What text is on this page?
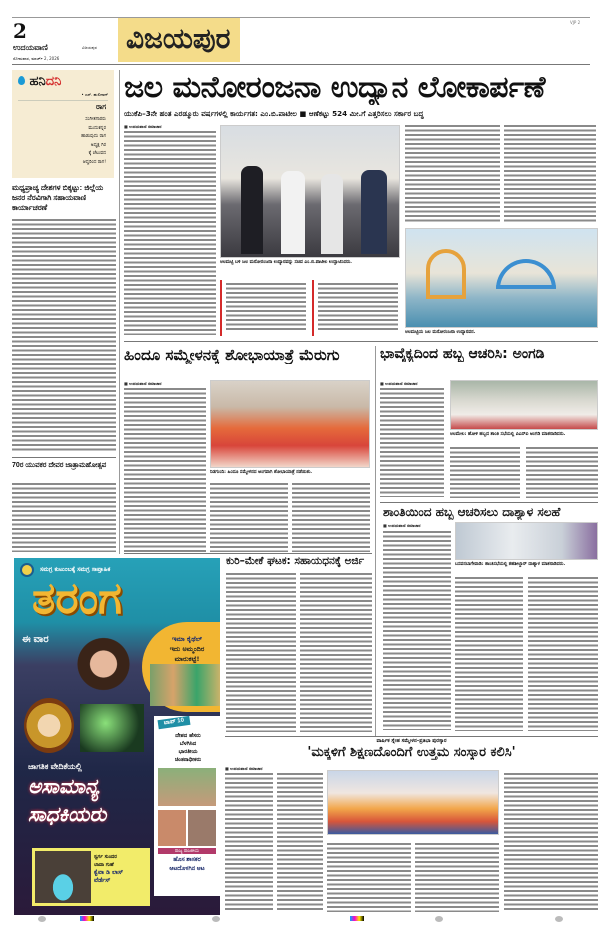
2
ಉದಯವಾಣಿ	ವಿಜಯಪುರ
ಸೋಮವಾರ, ಮಾರ್ಚ್ 2, 2026
VJP 2
ವಿಜಯಪುರ
ಹನಿದನಿ
• ಎಸ್. ಹುಲಿದಾದ್
ರಾಗ
ಸಂಗೀತಗಾರರು
ಮುದುಕನ್ನರ
ಹಾಡುವುದು ರಾಗ
ಅಧ್ಯಕ್ಷ ಗಿರ
ಕ್ಕೆ ಚೆಲುವದ
ಆದ್ದರಿಂದ ರಾಗ!
ಮಧ್ಯಪ್ರಾಚ್ಯ ದೇಶಗಳ ಬಿಕ್ಕಟ್ಟು: ಜಿಲ್ಲೆಯ ಜನರ ನೆರವಿಗಾಗಿ ಸಹಾಯವಾಣಿ ಕಾರ್ಯಾಚರಣೆ
70ರ ಯುವಕರ ದೇವರ ಜಾತ್ರಾಮಹೋತ್ಸವ
ಜಲ ಮನೋರಂಜನಾ ಉದ್ಯಾನ ಲೋಕಾರ್ಪಣೆ
ಯುಕೆಪಿ–3ನೇ ಹಂತ ಎರಡ್ಮೂರು ವರ್ಷಗಳಲ್ಲಿ ಕಾರ್ಯಗತ: ಎಂ.ಬಿ.ಪಾಟೀಲ ■ ಆಣೆಕಟ್ಟು 524 ಮೀ.ಗೆ ಎತ್ತರಿಸಲು ಸರ್ಕಾರ ಬದ್ಧ
■ ಉದಯವಾಣಿ ಸಮಾಚಾರ
ಆಲಮಟ್ಟಿ ಬಳಿ ಜಲ ಮನೋರಂಜನಾ ಉದ್ಯಾನವನ್ನು ಸಚಿವ ಎಂ.ಬಿ.ಪಾಟೀಲ ಉದ್ಘಾಟಿಸಿದರು.
ಆಲಮಟ್ಟಿಯ ಜಲ ಮನೋರಂಜನಾ ಉದ್ಯಾನವನ.
ಹಿಂದೂ ಸಮ್ಮೇಳನಕ್ಕೆ ಶೋಭಾಯಾತ್ರೆ ಮೆರುಗು
■ ಉದಯವಾಣಿ ಸಮಾಚಾರ
ನಿಡಗುಂದಿ: ಹಿಂದೂ ಸಮ್ಮೇಳನದ ಅಂಗವಾಗಿ ಶೋಭಾಯಾತ್ರೆ ನಡೆಯಿತು.
ಭಾವೈಕ್ಯದಿಂದ ಹಬ್ಬ ಆಚರಿಸಿ: ಅಂಗಡಿ
■ ಉದಯವಾಣಿ ಸಮಾಚಾರ
ಆಲಮೇಲ: ಹೋಳಿ ಹಬ್ಬದ ಶಾಂತಿ ಸಭೆಯಲ್ಲಿ ಪಿಎಸ್‌ಐ ಅಂಗಡಿ ಮಾತನಾಡಿದರು.
ಶಾಂತಿಯಿಂದ ಹಬ್ಬ ಆಚರಿಸಲು ದಾಶ್ಯಾಳ ಸಲಹೆ
■ ಉದಯವಾಣಿ ಸಮಾಚಾರ
ಬಸವನಬಾಗೇವಾಡಿ: ಶಾಂತಿಸಭೆಯಲ್ಲಿ ತಹಶೀಲ್ದಾರ್ ದಾಶ್ಯಾಳ ಮಾತನಾಡಿದರು.
ಕುರಿ–ಮೇಕೆ ಘಟಕ: ಸಹಾಯಧನಕ್ಕೆ ಅರ್ಜಿ
ಸಮಗ್ರ ಕುಟುಂಬಕ್ಕೆ ಸಮಗ್ರ ಸಾಪ್ತಾಹಿಕ
ತರಂಗ
ಈ ವಾರ	ಇಮಾ ಕೈಥೆಲ್
ಇದು ಅಮ್ಮಂದಿರ
ಮಾರುಕಟ್ಟೆ!
ಟಾಪ್ 10
ದೇಶದ ಹೆಸರು
ಬೆಳಗಿಸಿದ
ಭಾರತೀಯ
ಚಿಂತನಾಧೀಕರು
ರಾಜ್ಯ ರಾಜಕೀಯ
ಹೊಸ ಶಾಸಕರ
ಆಟದೊಳಗಿನ ಆಟ
ಜಾಗತಿಕ ವೇದಿಕೆಯಲ್ಲಿ
ಅಸಾಮಾನ್ಯ
ಸಾಧಕಿಯರು
ಸ್ವರ್ಗ ಸುಂದರ
ಲಾವಾ ಗುಹೆ
ಕ್ವೆವಾ ಡಿ ಲಾಸ್
ವೆರ್ಡೆಸ್
ವಾರ್ಷಿಕ ಸ್ನೇಹ ಸಮ್ಮೇಳನ–ಪ್ರತಿಭಾ ಪುರಸ್ಕಾರ
'ಮಕ್ಕಳಿಗೆ ಶಿಕ್ಷಣದೊಂದಿಗೆ ಉತ್ತಮ ಸಂಸ್ಕಾರ ಕಲಿಸಿ'
■ ಉದಯವಾಣಿ ಸಮಾಚಾರ
